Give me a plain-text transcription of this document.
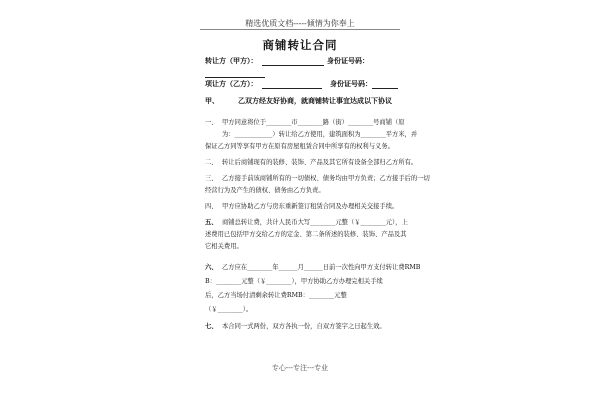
精选优质文档-----倾情为你奉上
商铺转让合同
转让方（甲方）：	身份证号码：
项让方（乙方）：	身份证号码：
甲、	乙双方经友好协商，就商铺转让事宜达成以下协议
一、 甲方同意将位于________市________路（街）________号商铺（原
为：____________）转让给乙方使用，建筑面积为________平方米，并
保证乙方同等享有甲方在原有房屋租赁合同中所享有的权利与义务。
二、 转让后商铺现有的装修、装饰、产品及其它所有设备全部归乙方所有。
三、 乙方接手前该商铺所有的一切债权、债务均由甲方负责；乙方接手后的一切
经营行为及产生的债权、债务由乙方负责。
四、 甲方应协助乙方与房东重新签订租赁合同及办理相关交接手续。
五、 商铺总转让费，共计人民币大写________元整（￥________元），上
述费用已包括甲方交给乙方的定金、第二条所述的装修、装饰、产品及其
它相关费用。
六、 乙方应在________年______月______日前一次性向甲方支付转让费RMB
B：________元整（￥________），甲方协助乙方办理完相关手续
后，乙方当场付清剩余转让费RMB：________元整
（￥________）。
七、 本合同一式两份，双方各执一份，自双方签字之日起生效。
专心---专注---专业
